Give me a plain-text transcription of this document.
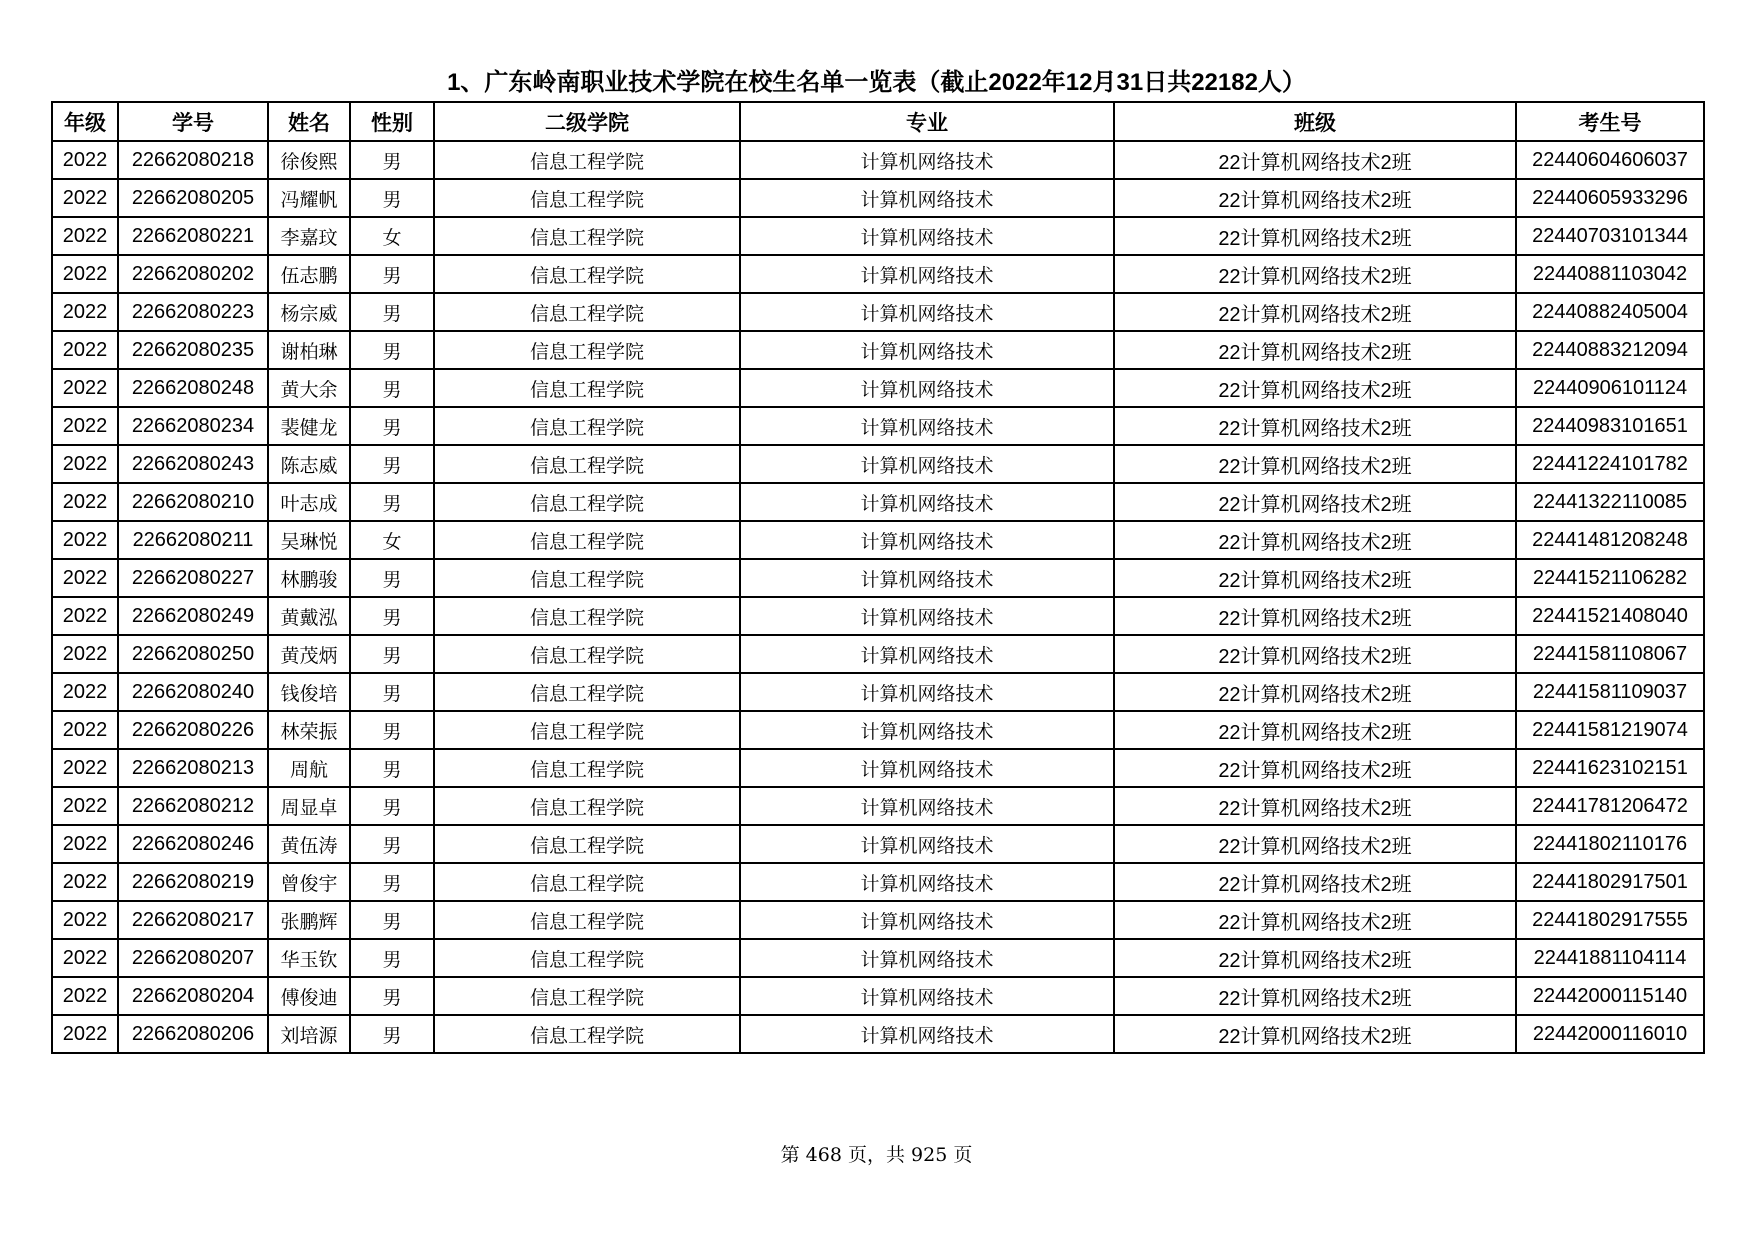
1、广东岭南职业技术学院在校生名单一览表（截止2022年12月31日共22182人）
年级	学号	姓名	性别	二级学院	专业	班级	考生号
2022	22662080218	徐俊熙	男	信息工程学院	计算机网络技术	22计算机网络技术2班	22440604606037
2022	22662080205	冯耀帆	男	信息工程学院	计算机网络技术	22计算机网络技术2班	22440605933296
2022	22662080221	李嘉玟	女	信息工程学院	计算机网络技术	22计算机网络技术2班	22440703101344
2022	22662080202	伍志鹏	男	信息工程学院	计算机网络技术	22计算机网络技术2班	22440881103042
2022	22662080223	杨宗威	男	信息工程学院	计算机网络技术	22计算机网络技术2班	22440882405004
2022	22662080235	谢柏琳	男	信息工程学院	计算机网络技术	22计算机网络技术2班	22440883212094
2022	22662080248	黄大余	男	信息工程学院	计算机网络技术	22计算机网络技术2班	22440906101124
2022	22662080234	裴健龙	男	信息工程学院	计算机网络技术	22计算机网络技术2班	22440983101651
2022	22662080243	陈志威	男	信息工程学院	计算机网络技术	22计算机网络技术2班	22441224101782
2022	22662080210	叶志成	男	信息工程学院	计算机网络技术	22计算机网络技术2班	22441322110085
2022	22662080211	吴琳悦	女	信息工程学院	计算机网络技术	22计算机网络技术2班	22441481208248
2022	22662080227	林鹏骏	男	信息工程学院	计算机网络技术	22计算机网络技术2班	22441521106282
2022	22662080249	黄戴泓	男	信息工程学院	计算机网络技术	22计算机网络技术2班	22441521408040
2022	22662080250	黄茂炳	男	信息工程学院	计算机网络技术	22计算机网络技术2班	22441581108067
2022	22662080240	钱俊培	男	信息工程学院	计算机网络技术	22计算机网络技术2班	22441581109037
2022	22662080226	林荣振	男	信息工程学院	计算机网络技术	22计算机网络技术2班	22441581219074
2022	22662080213	周航	男	信息工程学院	计算机网络技术	22计算机网络技术2班	22441623102151
2022	22662080212	周显卓	男	信息工程学院	计算机网络技术	22计算机网络技术2班	22441781206472
2022	22662080246	黄伍涛	男	信息工程学院	计算机网络技术	22计算机网络技术2班	22441802110176
2022	22662080219	曾俊宇	男	信息工程学院	计算机网络技术	22计算机网络技术2班	22441802917501
2022	22662080217	张鹏辉	男	信息工程学院	计算机网络技术	22计算机网络技术2班	22441802917555
2022	22662080207	华玉钦	男	信息工程学院	计算机网络技术	22计算机网络技术2班	22441881104114
2022	22662080204	傅俊迪	男	信息工程学院	计算机网络技术	22计算机网络技术2班	22442000115140
2022	22662080206	刘培源	男	信息工程学院	计算机网络技术	22计算机网络技术2班	22442000116010
第 468 页，共 925 页
